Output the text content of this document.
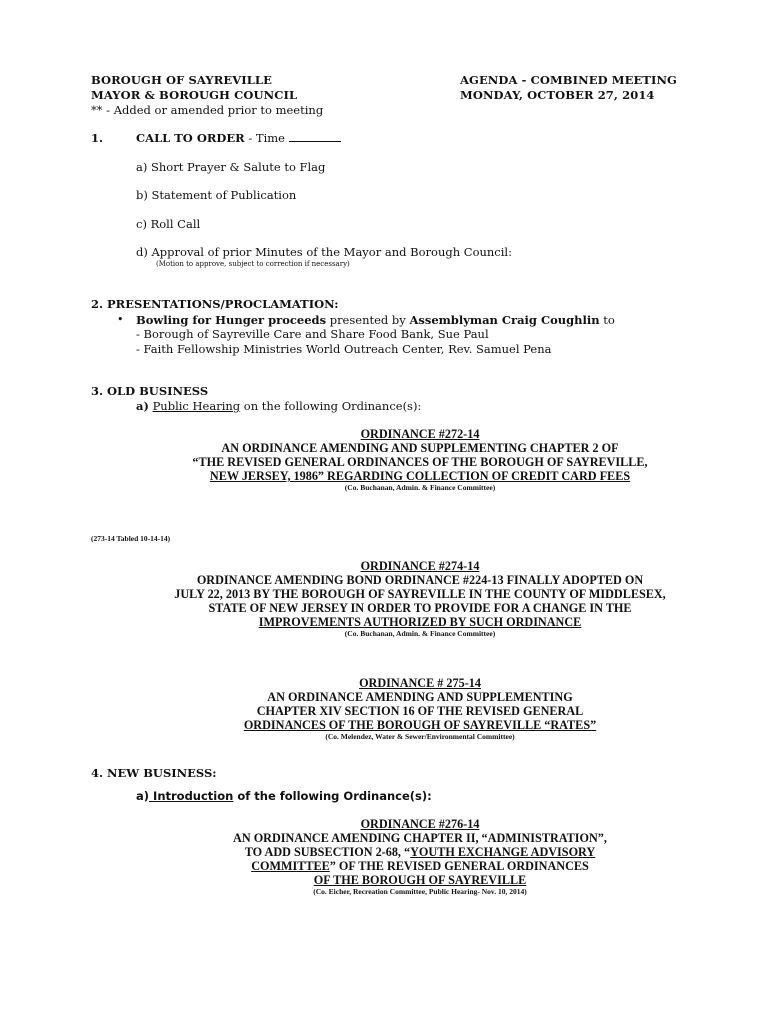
BOROUGH OF SAYREVILLE
MAYOR & BOROUGH COUNCIL
** - Added or amended prior to meeting
AGENDA - COMBINED MEETING
MONDAY, OCTOBER 27, 2014
1.	CALL TO ORDER - Time
a) Short Prayer & Salute to Flag
b) Statement of Publication
c) Roll Call
d) Approval of prior Minutes of the Mayor and Borough Council:
(Motion to approve, subject to correction if necessary)
2. PRESENTATIONS/PROCLAMATION:
• Bowling for Hunger proceeds presented by Assemblyman Craig Coughlin to
- Borough of Sayreville Care and Share Food Bank, Sue Paul
- Faith Fellowship Ministries World Outreach Center, Rev. Samuel Pena
3. OLD BUSINESS
a) Public Hearing on the following Ordinance(s):
ORDINANCE #272-14
AN ORDINANCE AMENDING AND SUPPLEMENTING CHAPTER 2 OF
“THE REVISED GENERAL ORDINANCES OF THE BOROUGH OF SAYREVILLE,
NEW JERSEY, 1986” REGARDING COLLECTION OF CREDIT CARD FEES
(Co. Buchanan, Admin. & Finance Committee)
(273-14 Tabled 10-14-14)
ORDINANCE #274-14
ORDINANCE AMENDING BOND ORDINANCE #224-13 FINALLY ADOPTED ON
JULY 22, 2013 BY THE BOROUGH OF SAYREVILLE IN THE COUNTY OF MIDDLESEX,
STATE OF NEW JERSEY IN ORDER TO PROVIDE FOR A CHANGE IN THE
IMPROVEMENTS AUTHORIZED BY SUCH ORDINANCE
(Co. Buchanan, Admin. & Finance Committee)
ORDINANCE # 275-14
AN ORDINANCE AMENDING AND SUPPLEMENTING
CHAPTER XIV SECTION 16 OF THE REVISED GENERAL
ORDINANCES OF THE BOROUGH OF SAYREVILLE “RATES”
(Co. Melendez, Water & Sewer/Environmental Committee)
4. NEW BUSINESS:
a) Introduction of the following Ordinance(s):
ORDINANCE #276-14
AN ORDINANCE AMENDING CHAPTER II, “ADMINISTRATION”,
TO ADD SUBSECTION 2-68, “YOUTH EXCHANGE ADVISORY
COMMITTEE” OF THE REVISED GENERAL ORDINANCES
OF THE BOROUGH OF SAYREVILLE
(Co. Eicher, Recreation Committee, Public Hearing- Nov. 10, 2014)
